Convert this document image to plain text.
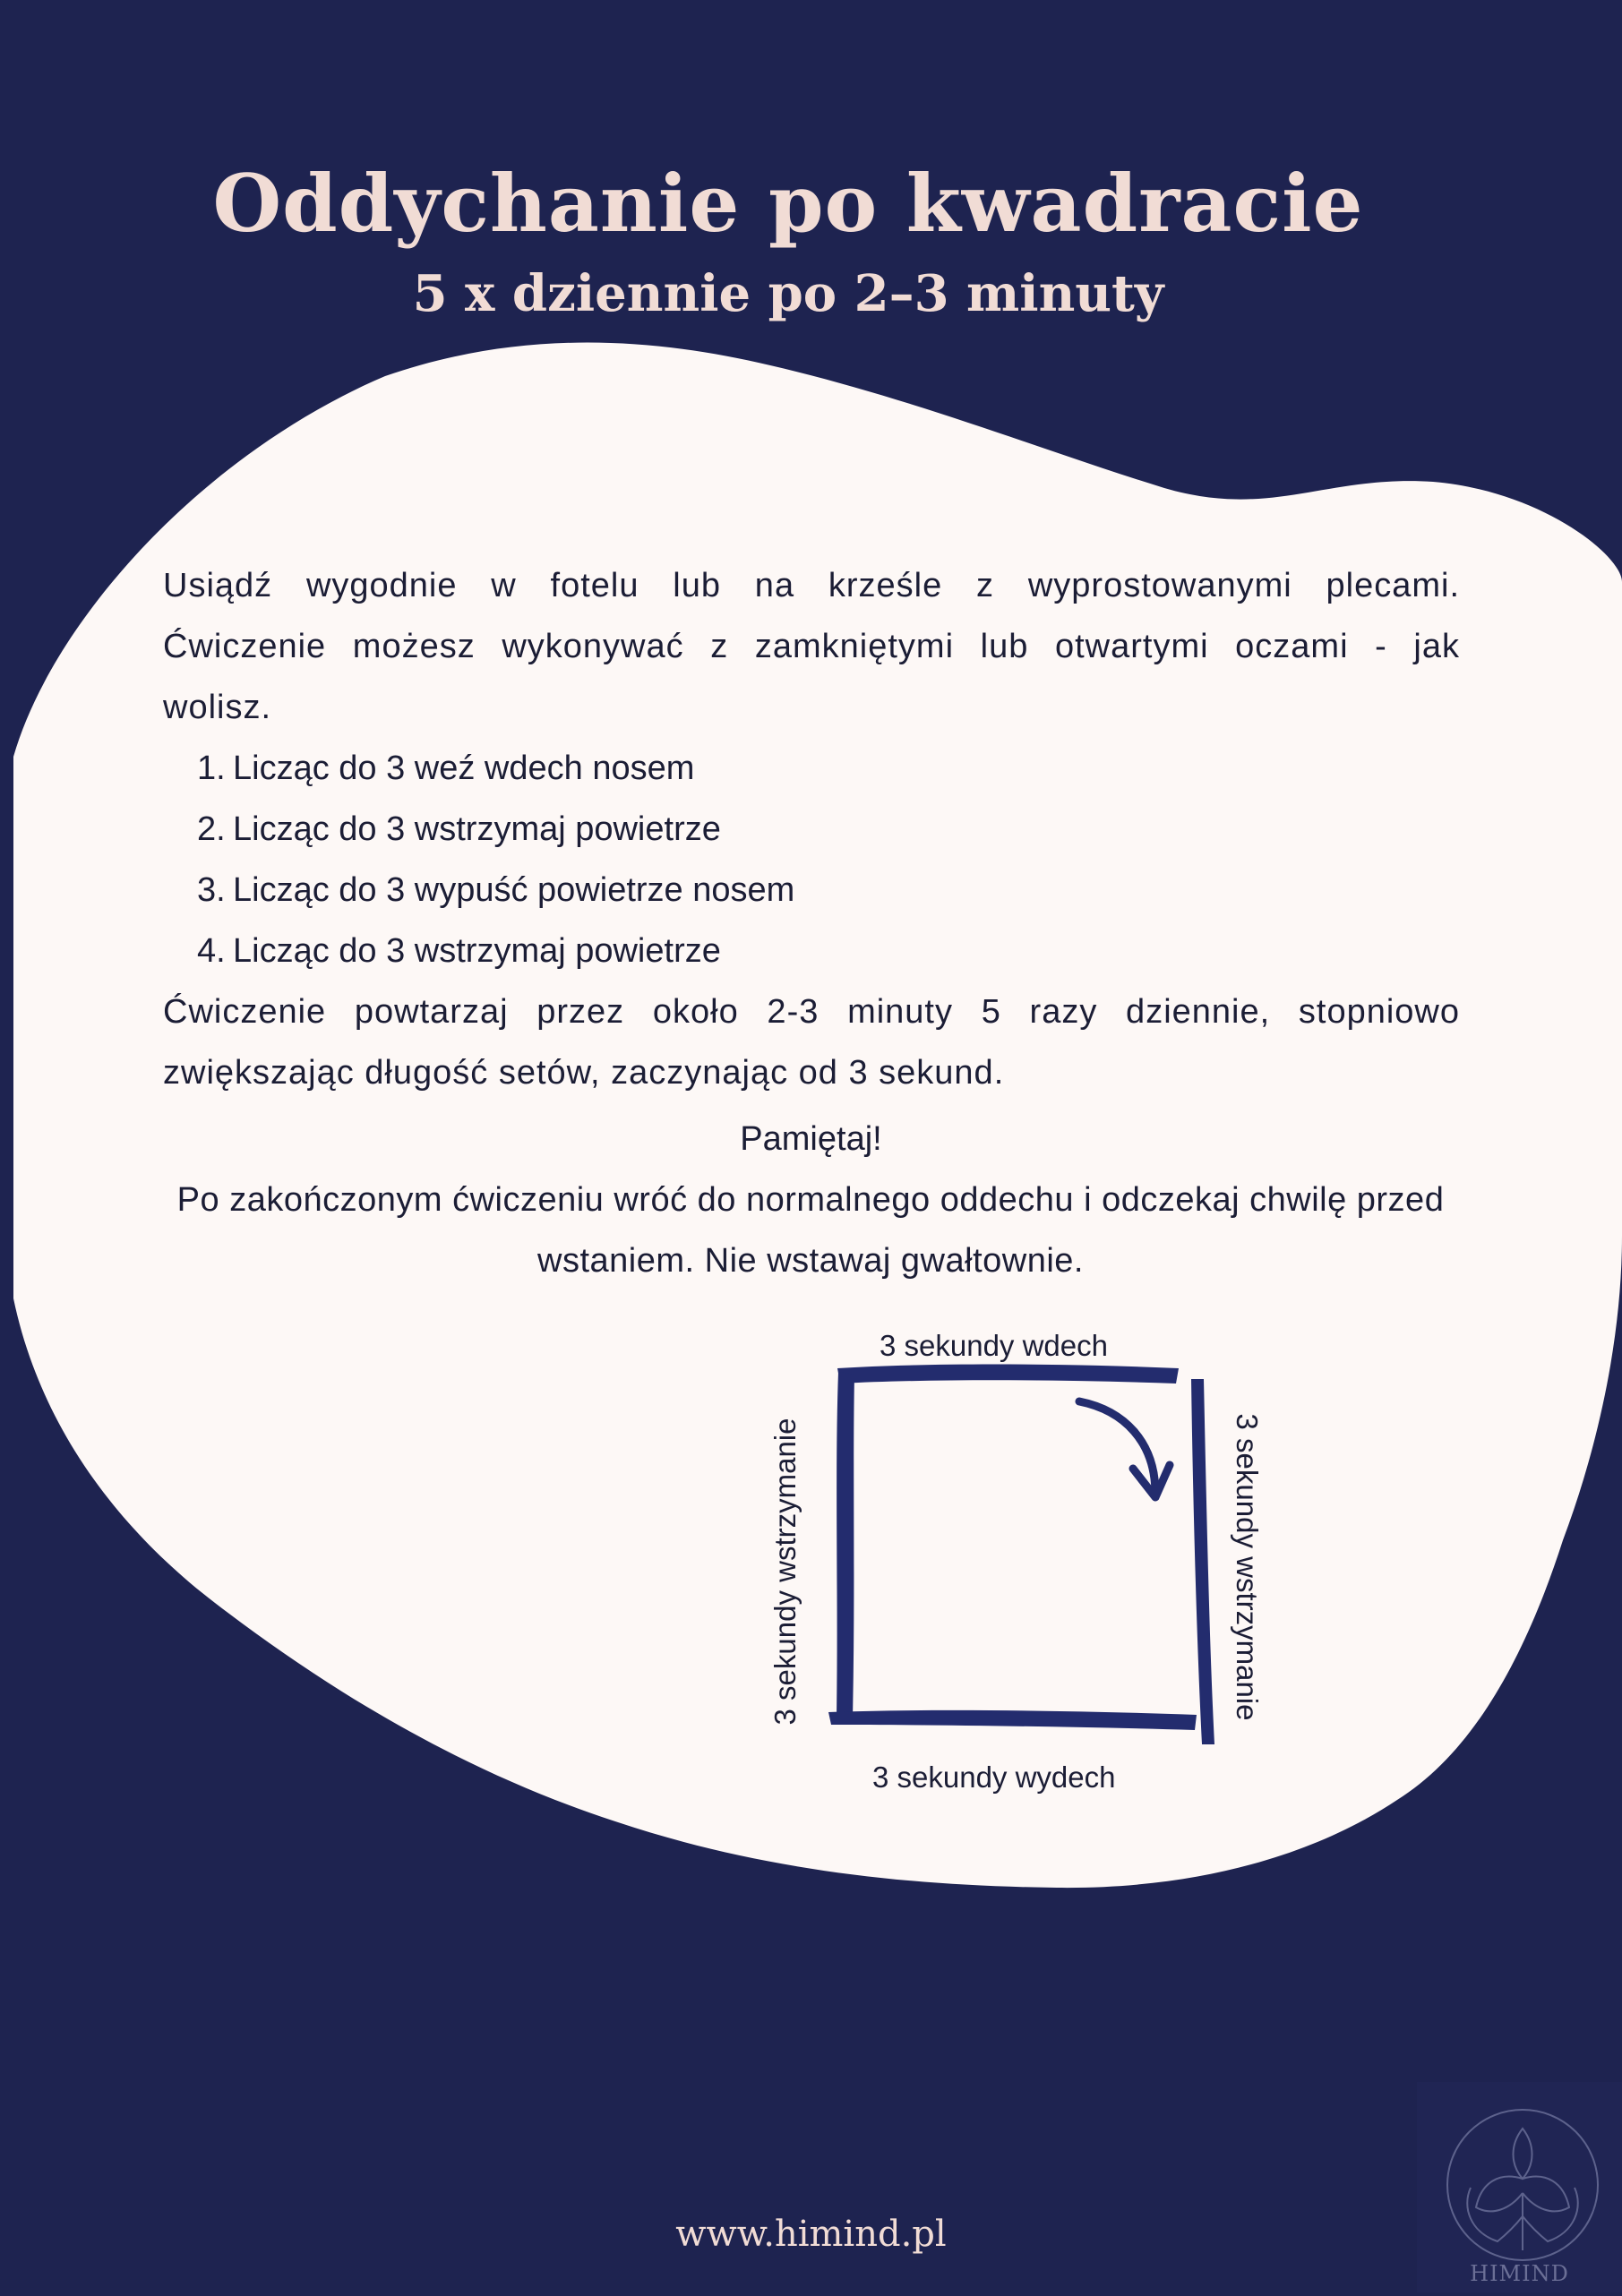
Oddychanie po kwadracie
5 x dziennie po 2–3 minuty

Usiądź wygodnie w fotelu lub na krześle z wyprostowanymi plecami. Ćwiczenie możesz wykonywać z zamkniętymi lub otwartymi oczami - jak wolisz.

1. Licząc do 3 weź wdech nosem
2. Licząc do 3 wstrzymaj powietrze
3. Licząc do 3 wypuść powietrze nosem
4. Licząc do 3 wstrzymaj powietrze

Ćwiczenie powtarzaj przez około 2-3 minuty 5 razy dziennie, stopniowo zwiększając długość setów, zaczynając od 3 sekund.

Pamiętaj!

Po zakończonym ćwiczeniu wróć do normalnego oddechu i odczekaj chwilę przed wstaniem. Nie wstawaj gwałtownie.

3 sekundy wdech

3 sekundy wydech

3 sekundy wstrzymanie	3 sekundy wstrzymanie

www.himind.pl

HIMIND
